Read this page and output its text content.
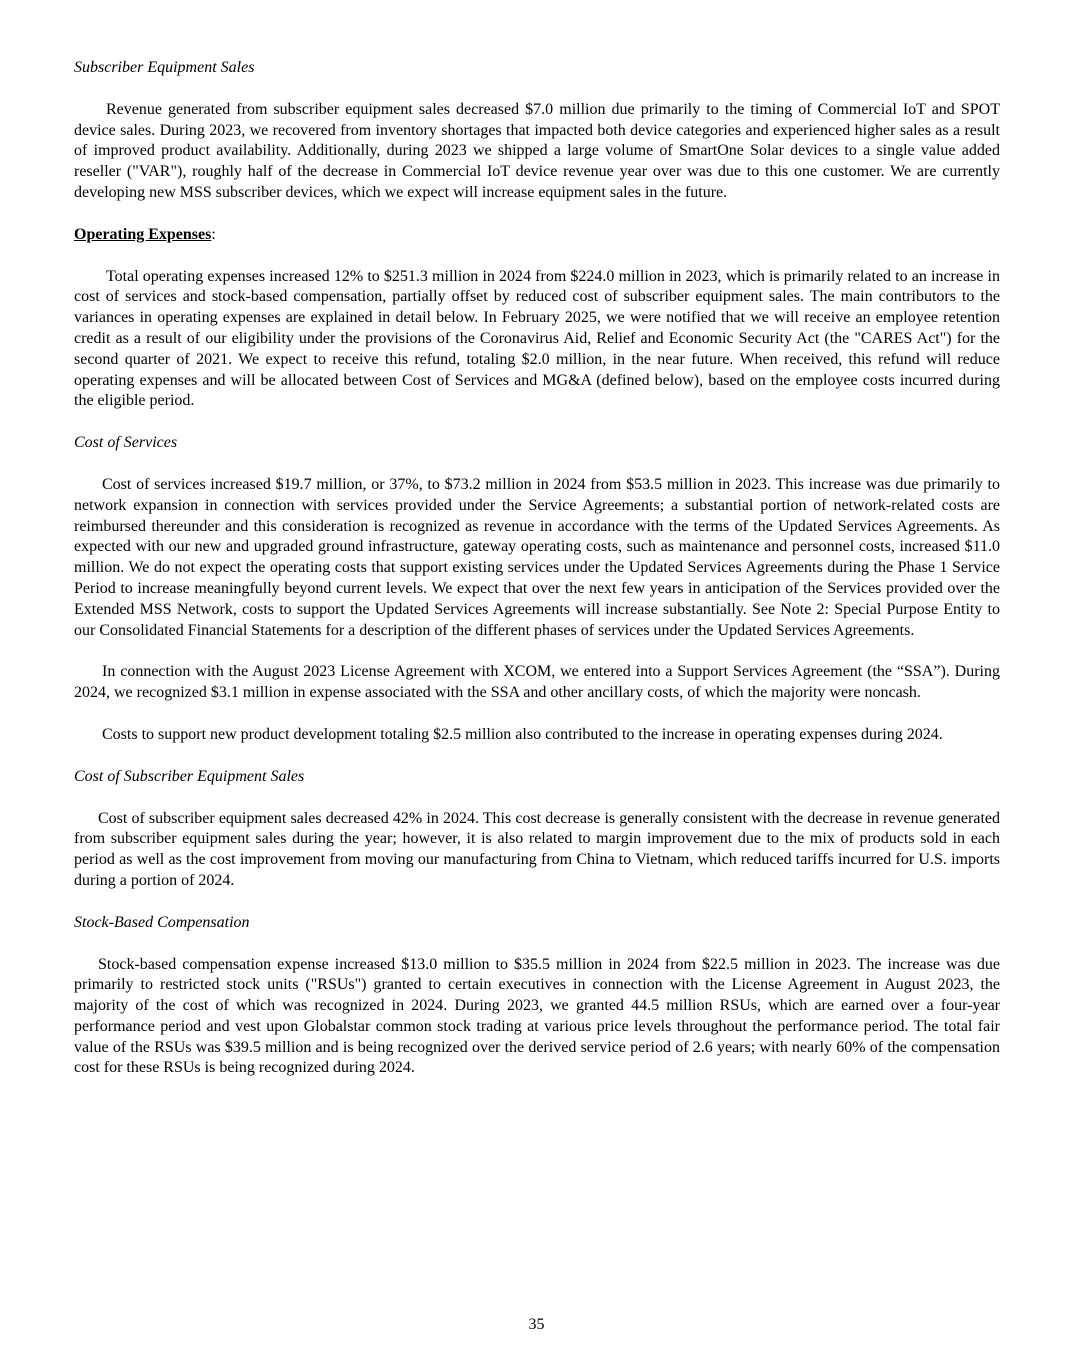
Subscriber Equipment Sales

Revenue generated from subscriber equipment sales decreased $7.0 million due primarily to the timing of Commercial IoT and SPOT device sales. During 2023, we recovered from inventory shortages that impacted both device categories and experienced higher sales as a result of improved product availability. Additionally, during 2023 we shipped a large volume of SmartOne Solar devices to a single value added reseller ("VAR"), roughly half of the decrease in Commercial IoT device revenue year over was due to this one customer. We are currently developing new MSS subscriber devices, which we expect will increase equipment sales in the future.

Operating Expenses:

Total operating expenses increased 12% to $251.3 million in 2024 from $224.0 million in 2023, which is primarily related to an increase in cost of services and stock-based compensation, partially offset by reduced cost of subscriber equipment sales. The main contributors to the variances in operating expenses are explained in detail below. In February 2025, we were notified that we will receive an employee retention credit as a result of our eligibility under the provisions of the Coronavirus Aid, Relief and Economic Security Act (the "CARES Act") for the second quarter of 2021. We expect to receive this refund, totaling $2.0 million, in the near future. When received, this refund will reduce operating expenses and will be allocated between Cost of Services and MG&A (defined below), based on the employee costs incurred during the eligible period.

Cost of Services

Cost of services increased $19.7 million, or 37%, to $73.2 million in 2024 from $53.5 million in 2023. This increase was due primarily to network expansion in connection with services provided under the Service Agreements; a substantial portion of network-related costs are reimbursed thereunder and this consideration is recognized as revenue in accordance with the terms of the Updated Services Agreements. As expected with our new and upgraded ground infrastructure, gateway operating costs, such as maintenance and personnel costs, increased $11.0 million. We do not expect the operating costs that support existing services under the Updated Services Agreements during the Phase 1 Service Period to increase meaningfully beyond current levels. We expect that over the next few years in anticipation of the Services provided over the Extended MSS Network, costs to support the Updated Services Agreements will increase substantially. See Note 2: Special Purpose Entity to our Consolidated Financial Statements for a description of the different phases of services under the Updated Services Agreements.

In connection with the August 2023 License Agreement with XCOM, we entered into a Support Services Agreement (the “SSA”). During 2024, we recognized $3.1 million in expense associated with the SSA and other ancillary costs, of which the majority were noncash.

Costs to support new product development totaling $2.5 million also contributed to the increase in operating expenses during 2024.

Cost of Subscriber Equipment Sales

Cost of subscriber equipment sales decreased 42% in 2024. This cost decrease is generally consistent with the decrease in revenue generated from subscriber equipment sales during the year; however, it is also related to margin improvement due to the mix of products sold in each period as well as the cost improvement from moving our manufacturing from China to Vietnam, which reduced tariffs incurred for U.S. imports during a portion of 2024.

Stock-Based Compensation

Stock-based compensation expense increased $13.0 million to $35.5 million in 2024 from $22.5 million in 2023. The increase was due primarily to restricted stock units ("RSUs") granted to certain executives in connection with the License Agreement in August 2023, the majority of the cost of which was recognized in 2024. During 2023, we granted 44.5 million RSUs, which are earned over a four-year performance period and vest upon Globalstar common stock trading at various price levels throughout the performance period. The total fair value of the RSUs was $39.5 million and is being recognized over the derived service period of 2.6 years; with nearly 60% of the compensation cost for these RSUs is being recognized during 2024.

35
